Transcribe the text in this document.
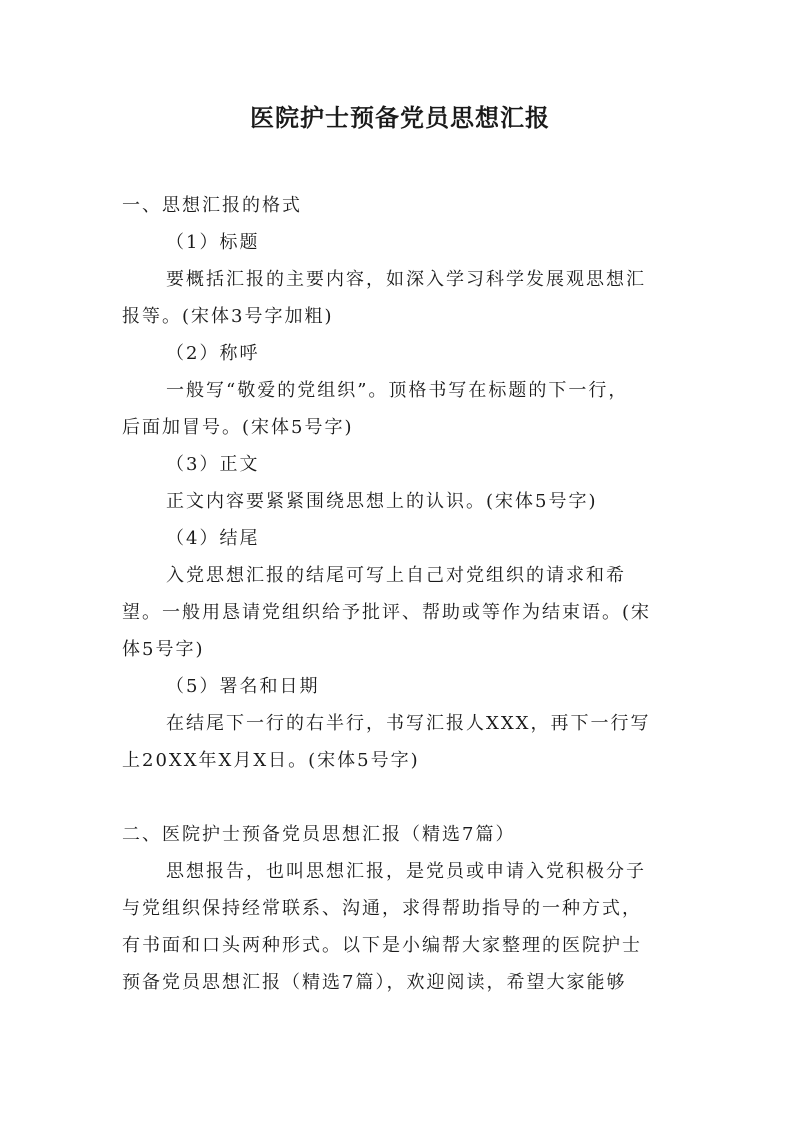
医院护士预备党员思想汇报
一、思想汇报的格式
（1）标题
要概括汇报的主要内容，如深入学习科学发展观思想汇
报等。(宋体3号字加粗)
（2）称呼
一般写“敬爱的党组织”。顶格书写在标题的下一行，
后面加冒号。(宋体5号字)
（3）正文
正文内容要紧紧围绕思想上的认识。(宋体5号字)
（4）结尾
入党思想汇报的结尾可写上自己对党组织的请求和希
望。一般用恳请党组织给予批评、帮助或等作为结束语。(宋
体5号字)
（5）署名和日期
在结尾下一行的右半行，书写汇报人XXX，再下一行写
上20XX年X月X日。(宋体5号字)
二、医院护士预备党员思想汇报（精选7篇）
思想报告，也叫思想汇报，是党员或申请入党积极分子
与党组织保持经常联系、沟通，求得帮助指导的一种方式，
有书面和口头两种形式。以下是小编帮大家整理的医院护士
预备党员思想汇报（精选7篇），欢迎阅读，希望大家能够
